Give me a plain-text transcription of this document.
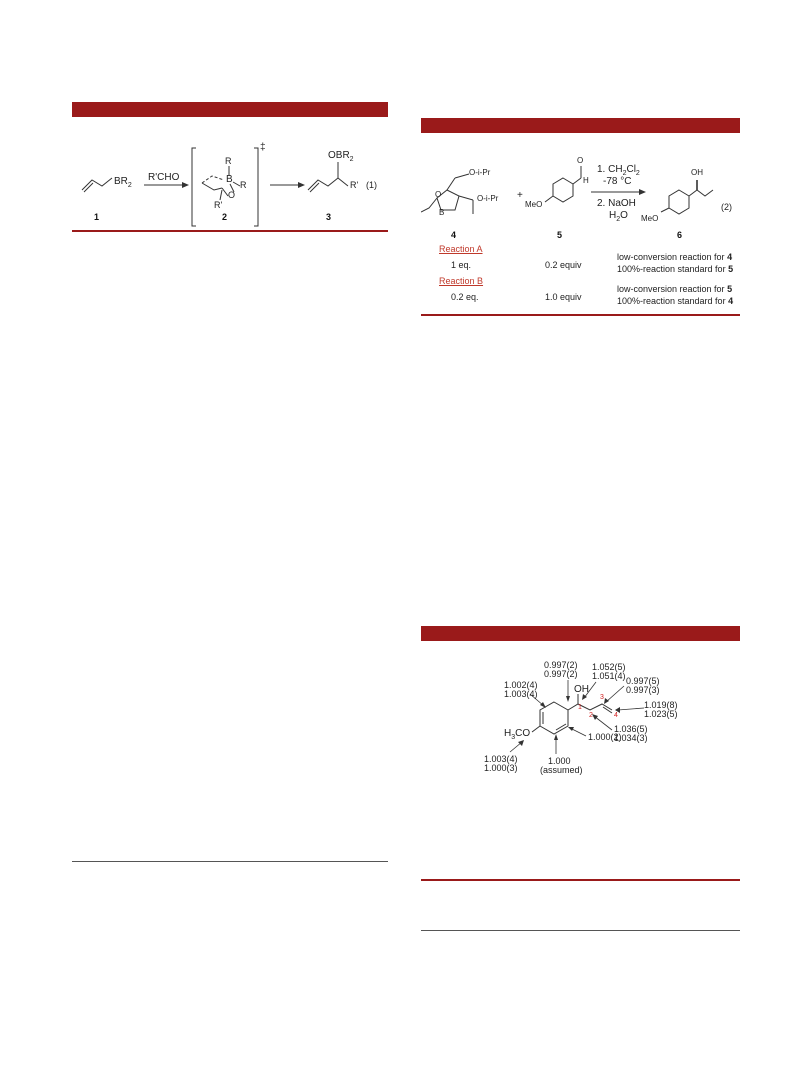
$BR_2$
R'CHO
R
B R
O
R'
‡
$OBR_2$
R' (1)
1	2	3
O-i-Pr
O-i-Pr
B
O	+
MeO
H
O
1. $CH_2Cl_2$
-78 °C
2. NaOH
$H_2O$
OH
MeO
(2)
4	5	6
Reaction A
1 eq.	0.2 equiv
low-conversion reaction for 4
100%-reaction standard for 5
Reaction B
0.2 eq.	1.0 equiv
low-conversion reaction for 5
100%-reaction standard for 4
0.997(2)
0.997(2)
1.052(5)
1.051(4) 0.997(5)
0.997(3)
1.019(8)
1.023(5)
1.036(5)
1.034(3)
1.002(4)
1.003(4)
1.000(2)
1.000
(assumed)
1.003(4)
1.000(3)
$H_3CO$
OH
1
2
3
4
